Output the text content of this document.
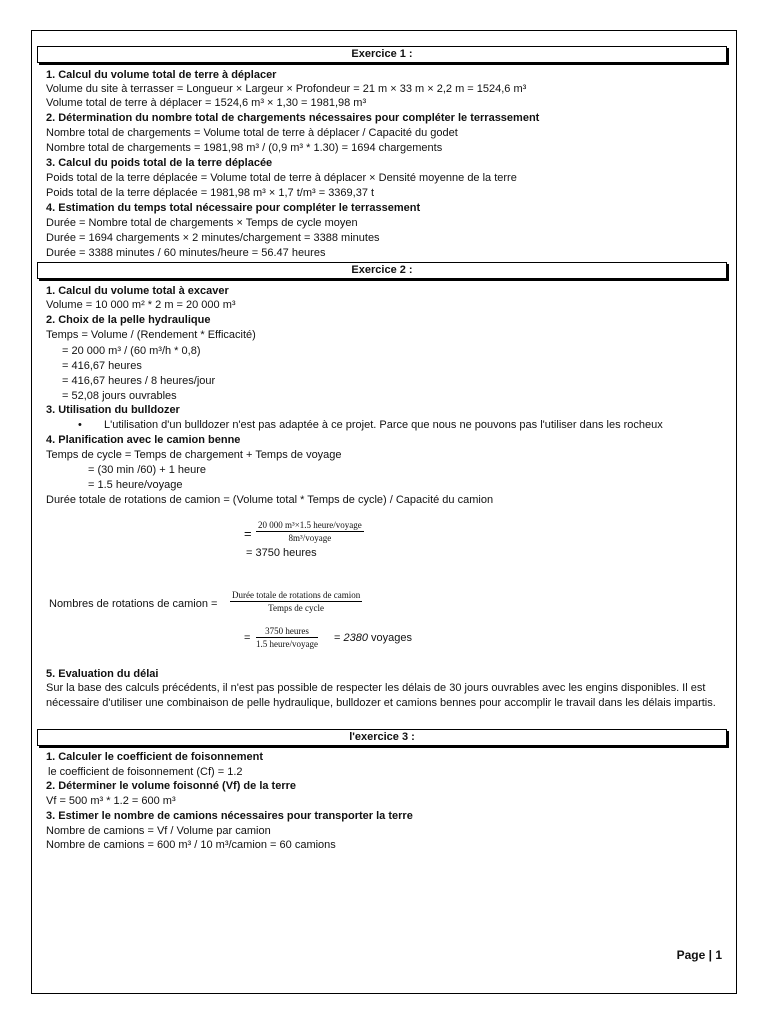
Exercice 1 :
1. Calcul du volume total de terre à déplacer
Volume du site à terrasser = Longueur × Largeur × Profondeur = 21 m × 33 m × 2,2 m = 1524,6 m³
Volume total de terre à déplacer = 1524,6 m³ × 1,30 = 1981,98 m³
2. Détermination du nombre total de chargements nécessaires pour compléter le terrassement
Nombre total de chargements = Volume total de terre à déplacer / Capacité du godet
Nombre total de chargements = 1981,98 m³ / (0,9 m³ * 1.30) = 1694 chargements
3. Calcul du poids total de la terre déplacée
Poids total de la terre déplacée = Volume total de terre à déplacer × Densité moyenne de la terre
Poids total de la terre déplacée = 1981,98 m³ × 1,7 t/m³ = 3369,37 t
4. Estimation du temps total nécessaire pour compléter le terrassement
Durée = Nombre total de chargements × Temps de cycle moyen
Durée = 1694 chargements × 2 minutes/chargement = 3388 minutes
Durée = 3388 minutes / 60 minutes/heure = 56.47 heures
Exercice 2 :
1. Calcul du volume total à excaver
Volume = 10 000 m² * 2 m = 20 000 m³
2. Choix de la pelle hydraulique
Temps = Volume / (Rendement * Efficacité)
= 20 000 m³ / (60 m³/h * 0,8)
= 416,67 heures
= 416,67 heures / 8 heures/jour
= 52,08 jours ouvrables
3. Utilisation du bulldozer
• L'utilisation d'un bulldozer n'est pas adaptée à ce projet. Parce que nous ne pouvons pas l'utiliser dans les rocheux
4. Planification avec le camion benne
Temps de cycle = Temps de chargement + Temps de voyage
= (30 min /60) + 1 heure
= 1.5 heure/voyage
Durée totale de rotations de camion = (Volume total * Temps de cycle) / Capacité du camion
=
20 000 m³×1.5 heure/voyage
8m³/voyage
= 3750 heures
Nombres de rotations de camion =
Durée totale de rotations de camion
Temps de cycle
=
3750 heures
1.5 heure/voyage = 2380 voyages
5. Evaluation du délai
Sur la base des calculs précédents, il n'est pas possible de respecter les délais de 30 jours ouvrables avec les engins disponibles. Il est nécessaire d'utiliser une combinaison de pelle hydraulique, bulldozer et camions bennes pour accomplir le travail dans les délais impartis.
l'exercice 3 :
1. Calculer le coefficient de foisonnement
le coefficient de foisonnement (Cf) = 1.2
2. Déterminer le volume foisonné (Vf) de la terre
Vf = 500 m³ * 1.2 = 600 m³
3. Estimer le nombre de camions nécessaires pour transporter la terre
Nombre de camions = Vf / Volume par camion
Nombre de camions = 600 m³ / 10 m³/camion = 60 camions
Page | 1
